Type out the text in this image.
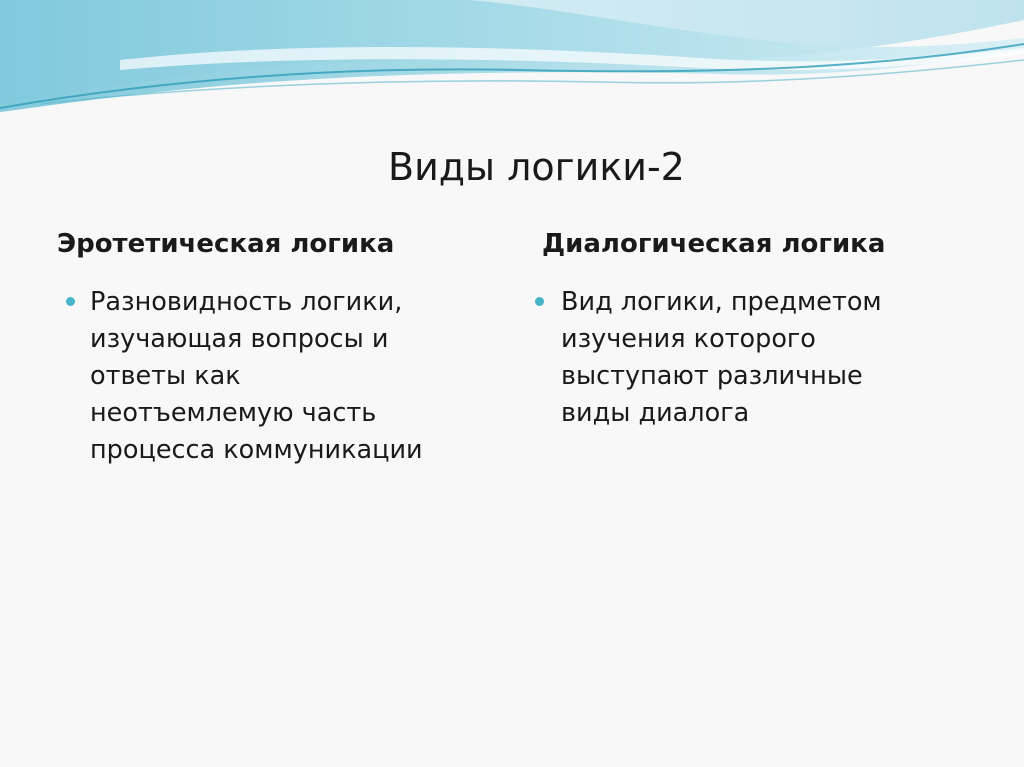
Виды логики-2
Эротетическая логика	Диалогическая логика
Разновидность логики,
изучающая вопросы и
ответы как
неотъемлемую часть
процесса коммуникации
Вид логики, предметом
изучения которого
выступают различные
виды диалога
